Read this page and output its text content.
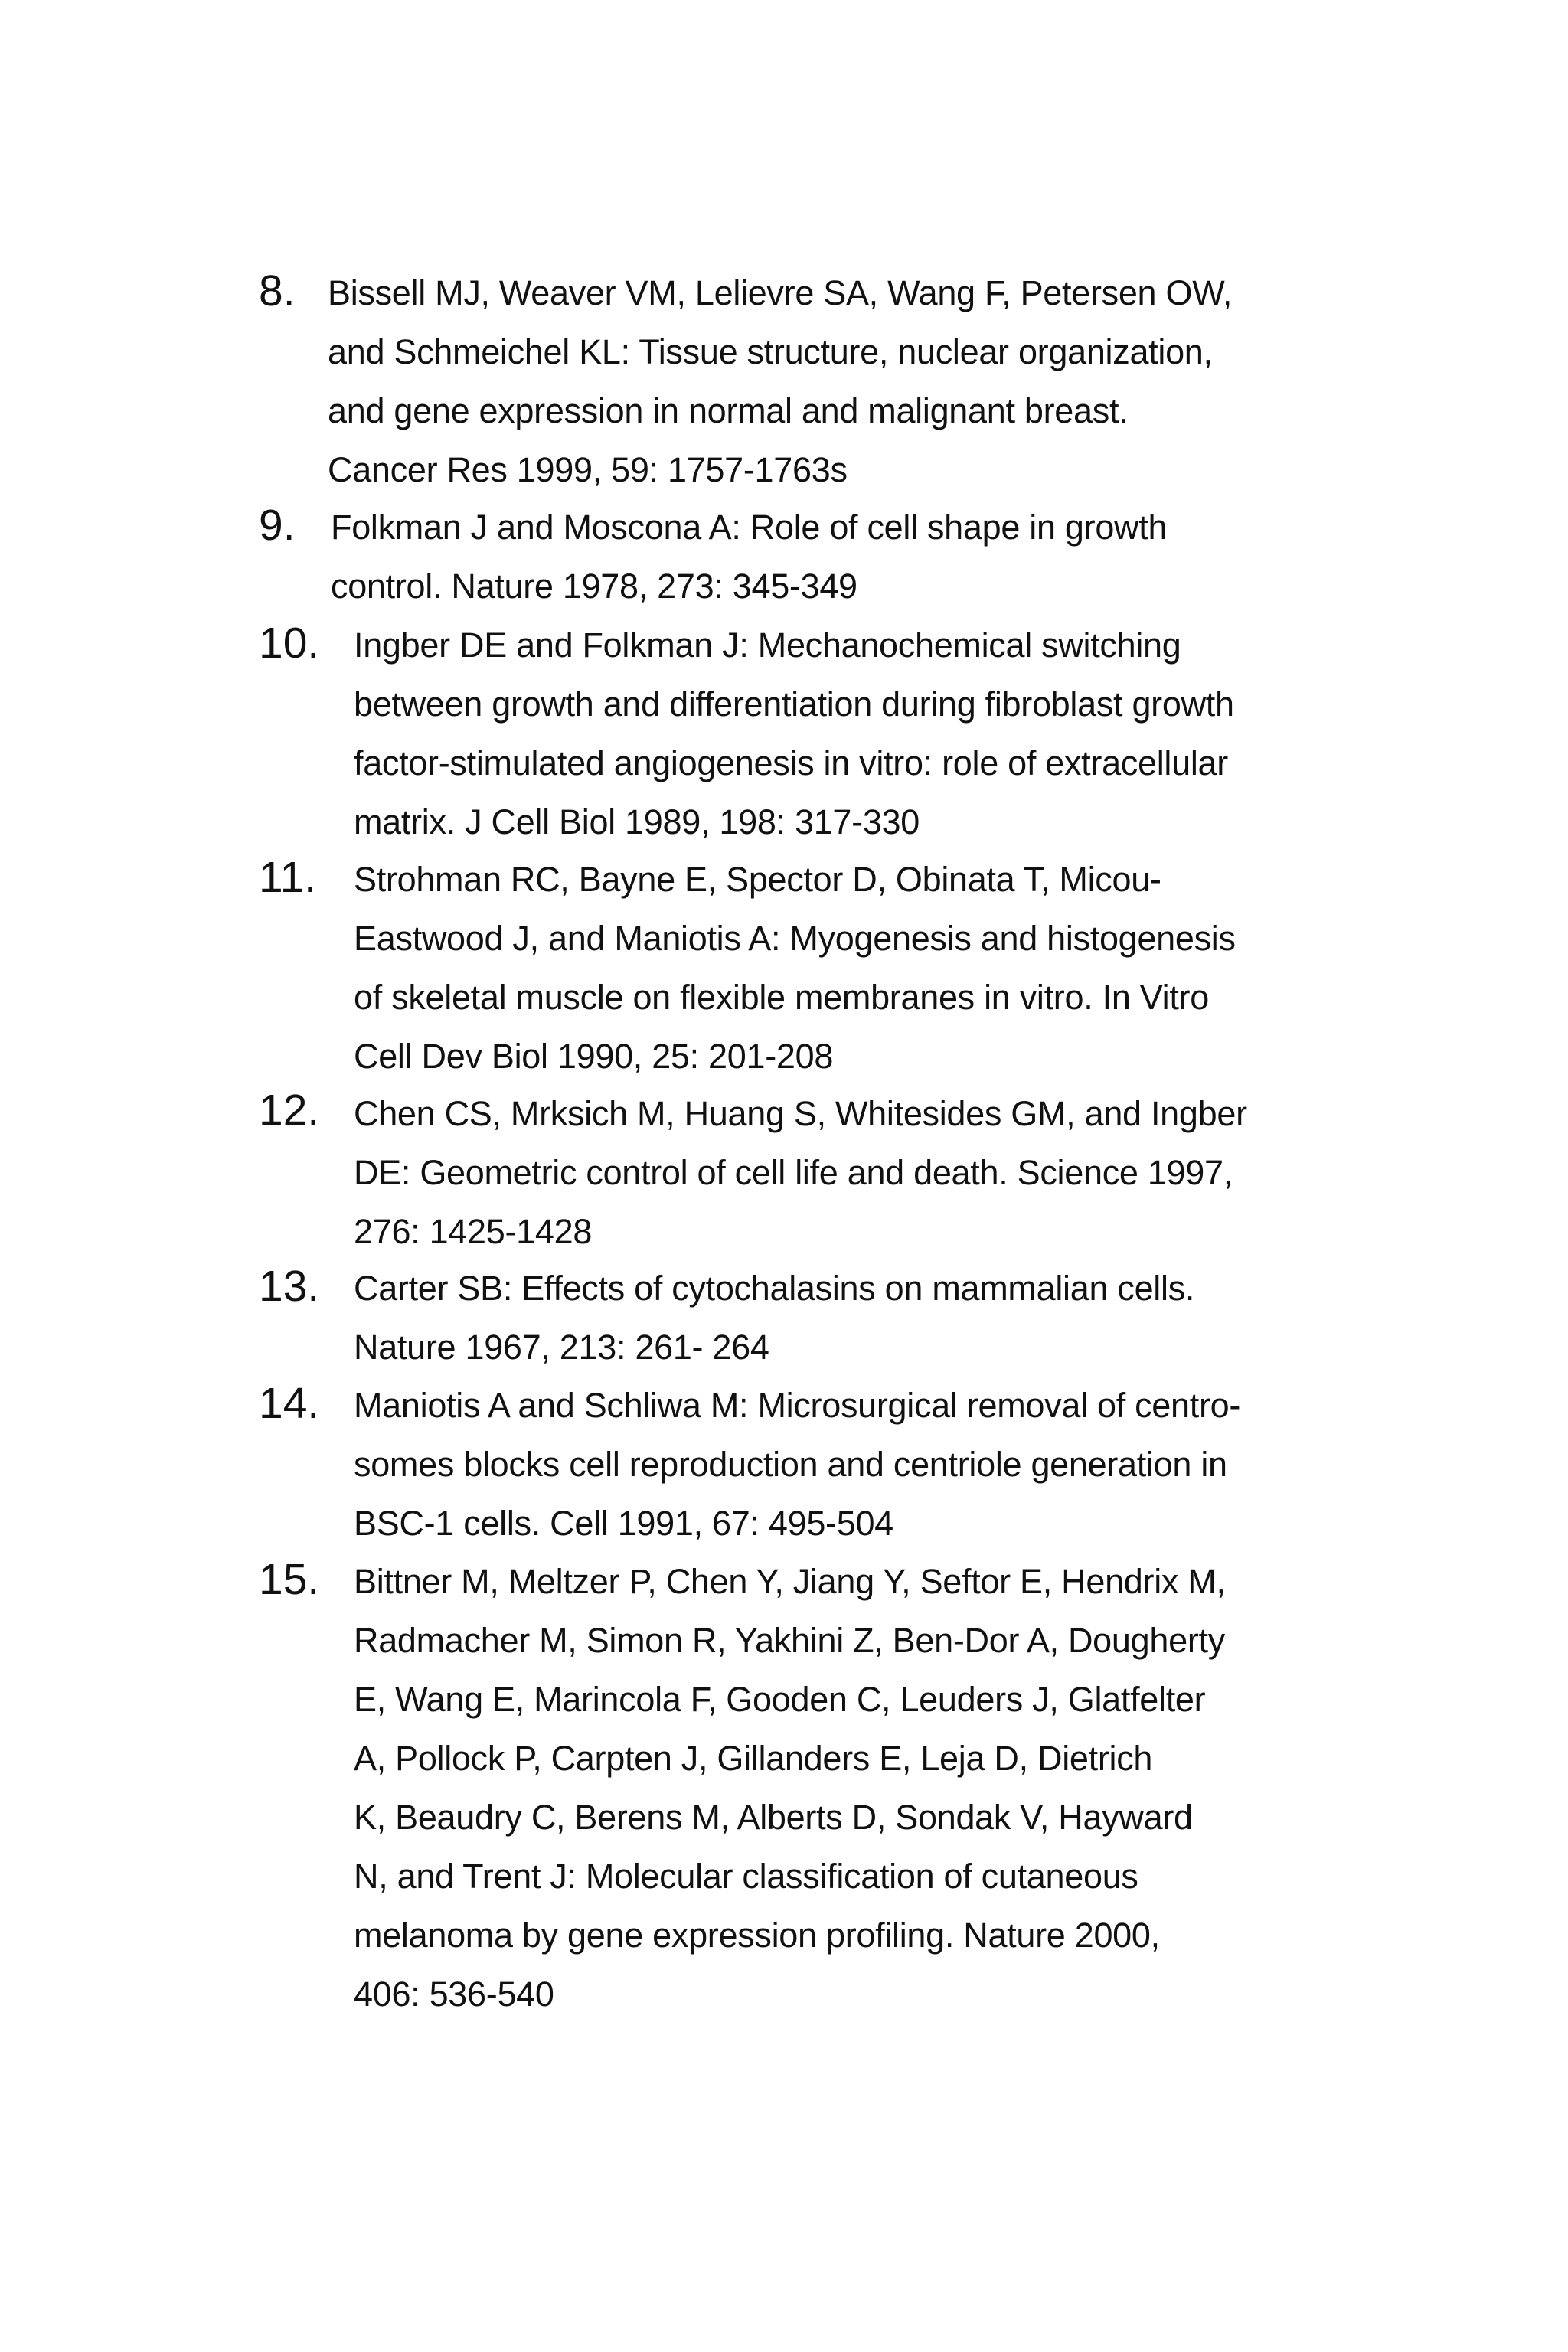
8. Bissell MJ, Weaver VM, Lelievre SA, Wang F, Petersen OW,
and Schmeichel KL: Tissue structure, nuclear organization,
and gene expression in normal and malignant breast.
Cancer Res 1999, 59: 1757-1763s
9. Folkman J and Moscona A: Role of cell shape in growth
control. Nature 1978, 273: 345-349
10. Ingber DE and Folkman J: Mechanochemical switching
between growth and differentiation during fibroblast growth
factor-stimulated angiogenesis in vitro: role of extracellular
matrix. J Cell Biol 1989, 198: 317-330
11. Strohman RC, Bayne E, Spector D, Obinata T, Micou-
Eastwood J, and Maniotis A: Myogenesis and histogenesis
of skeletal muscle on flexible membranes in vitro. In Vitro
Cell Dev Biol 1990, 25: 201-208
12. Chen CS, Mrksich M, Huang S, Whitesides GM, and Ingber
DE: Geometric control of cell life and death. Science 1997,
276: 1425-1428
13. Carter SB: Effects of cytochalasins on mammalian cells.
Nature 1967, 213: 261- 264
14. Maniotis A and Schliwa M: Microsurgical removal of centro-
somes blocks cell reproduction and centriole generation in
BSC-1 cells. Cell 1991, 67: 495-504
15. Bittner M, Meltzer P, Chen Y, Jiang Y, Seftor E, Hendrix M,
Radmacher M, Simon R, Yakhini Z, Ben-Dor A, Dougherty
E, Wang E, Marincola F, Gooden C, Leuders J, Glatfelter
A, Pollock P, Carpten J, Gillanders E, Leja D, Dietrich
K, Beaudry C, Berens M, Alberts D, Sondak V, Hayward
N, and Trent J: Molecular classification of cutaneous
melanoma by gene expression profiling. Nature 2000,
406: 536-540
